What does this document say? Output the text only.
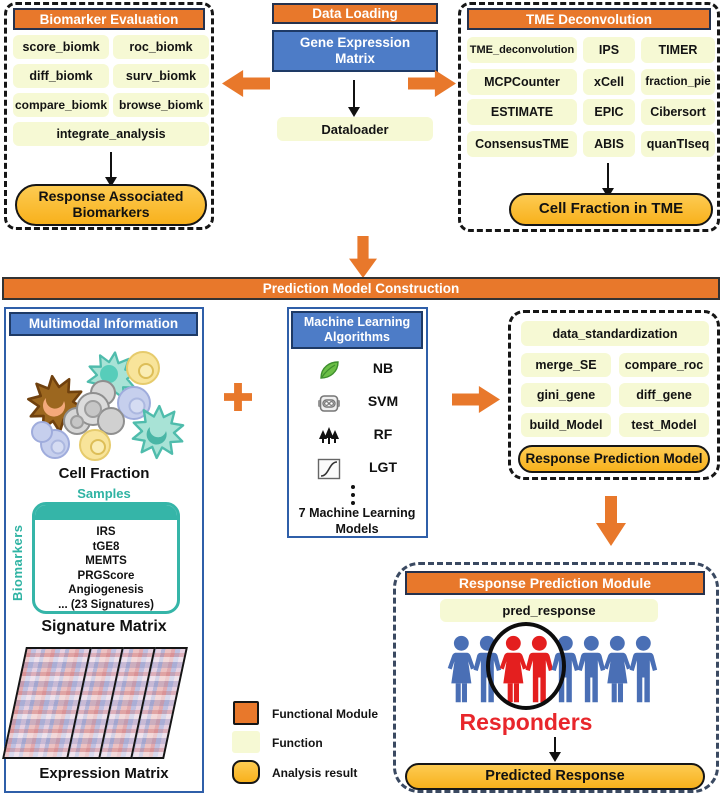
Biomarker Evaluation
score_biomk	roc_biomk
diff_biomk	surv_biomk
compare_biomk browse_biomk
integrate_analysis
Response Associated Biomarkers
Data Loading
Gene Expression Matrix
Dataloader
TME Deconvolution
TME_deconvolution	IPS	TIMER
MCPCounter	xCell	fraction_pie
ESTIMATE	EPIC	Cibersort
ConsensusTME	ABIS	quanTIseq
Cell Fraction in TME
Prediction Model Construction
Multimodal Information
Cell Fraction
Samples
IRS
tGE8
MEMTS
PRGScore
Angiogenesis
... (23 Signatures)
Biomarkers
Signature Matrix
Expression Matrix
Machine Learning Algorithms
NB
SVM
RF
LGT
7 Machine Learning Models
data_standardization
merge_SE	compare_roc
gini_gene	diff_gene
build_Model	test_Model
Response Prediction Model
Response Prediction Module
pred_response
Responders
Predicted Response
Functional Module
Function
Analysis result
